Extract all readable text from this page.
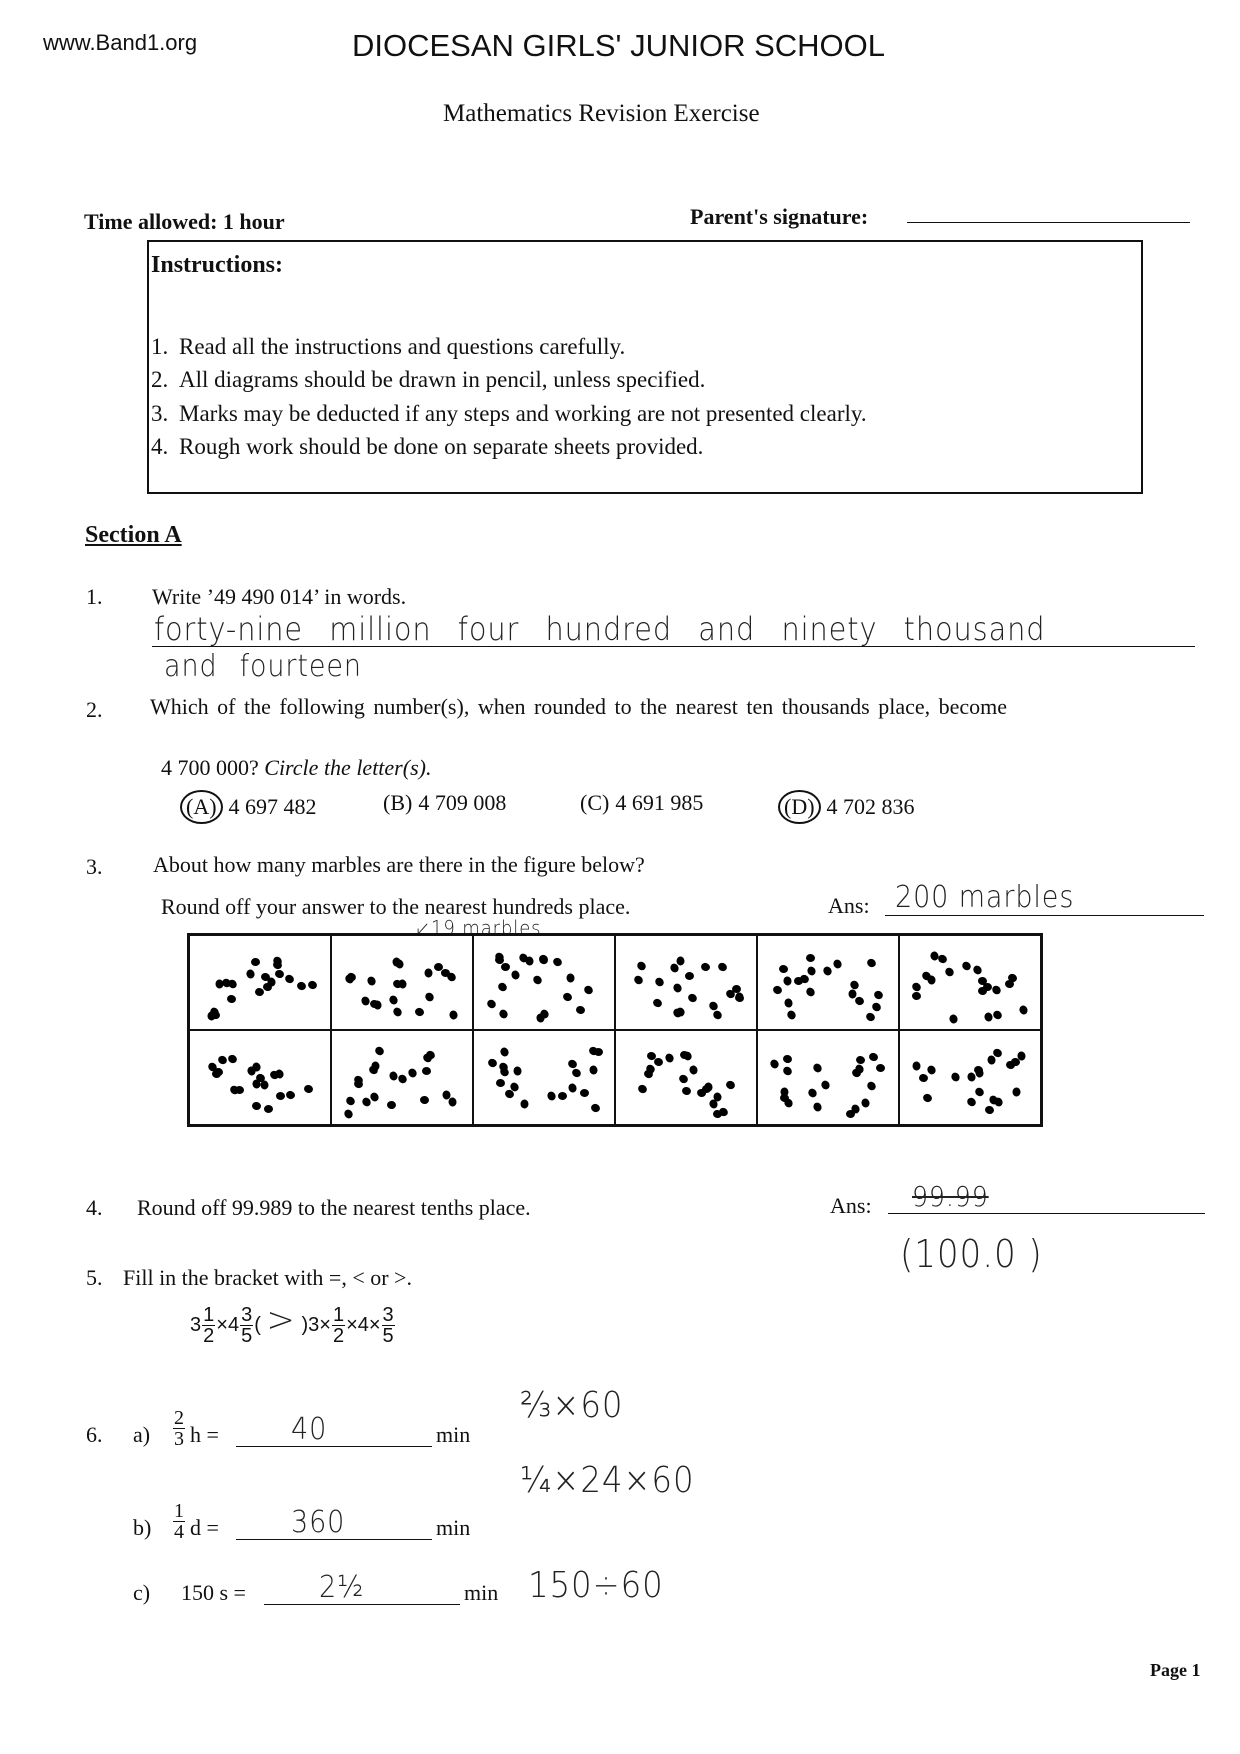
www.Band1.org	DIOCESAN GIRLS' JUNIOR SCHOOL
Mathematics Revision Exercise
Time allowed: 1 hour	Parent's signature:
Instructions:
1. Read all the instructions and questions carefully.
2. All diagrams should be drawn in pencil, unless specified.
3. Marks may be deducted if any steps and working are not presented clearly.
4. Rough work should be done on separate sheets provided.
Section A
1. Write ’49 490 014’ in words.
forty-nine million four hundred and ninety thousand
and fourteen
2. Which of the following number(s), when rounded to the nearest ten thousands place, become
4 700 000? Circle the letter(s).
3. About how many marbles are there in the figure below?
Round off your answer to the nearest hundreds place.	Ans: 200 marbles
↙19 marbles
4. Round off 99.989 to the nearest tenths place.	Ans: 99.99
(100.0 )
5. Fill in the bracket with =, < or >.
$3 \frac{1}{2} \times 4 \frac{3}{5}$ ( > )$3\times \frac{1}{2} \times 4\times \frac{3}{5}$
6.
Page 1
(A) 4 697 482	(B) 4 709 008	(C) 4 691 985	(D) 4 702 836
$a) \frac{2}{3}$ h = 40	min
⅔×60
$b) \frac{1}{4}$ d = 360	min
¼×24×60
c) 150 s = 2½	min 150÷60
